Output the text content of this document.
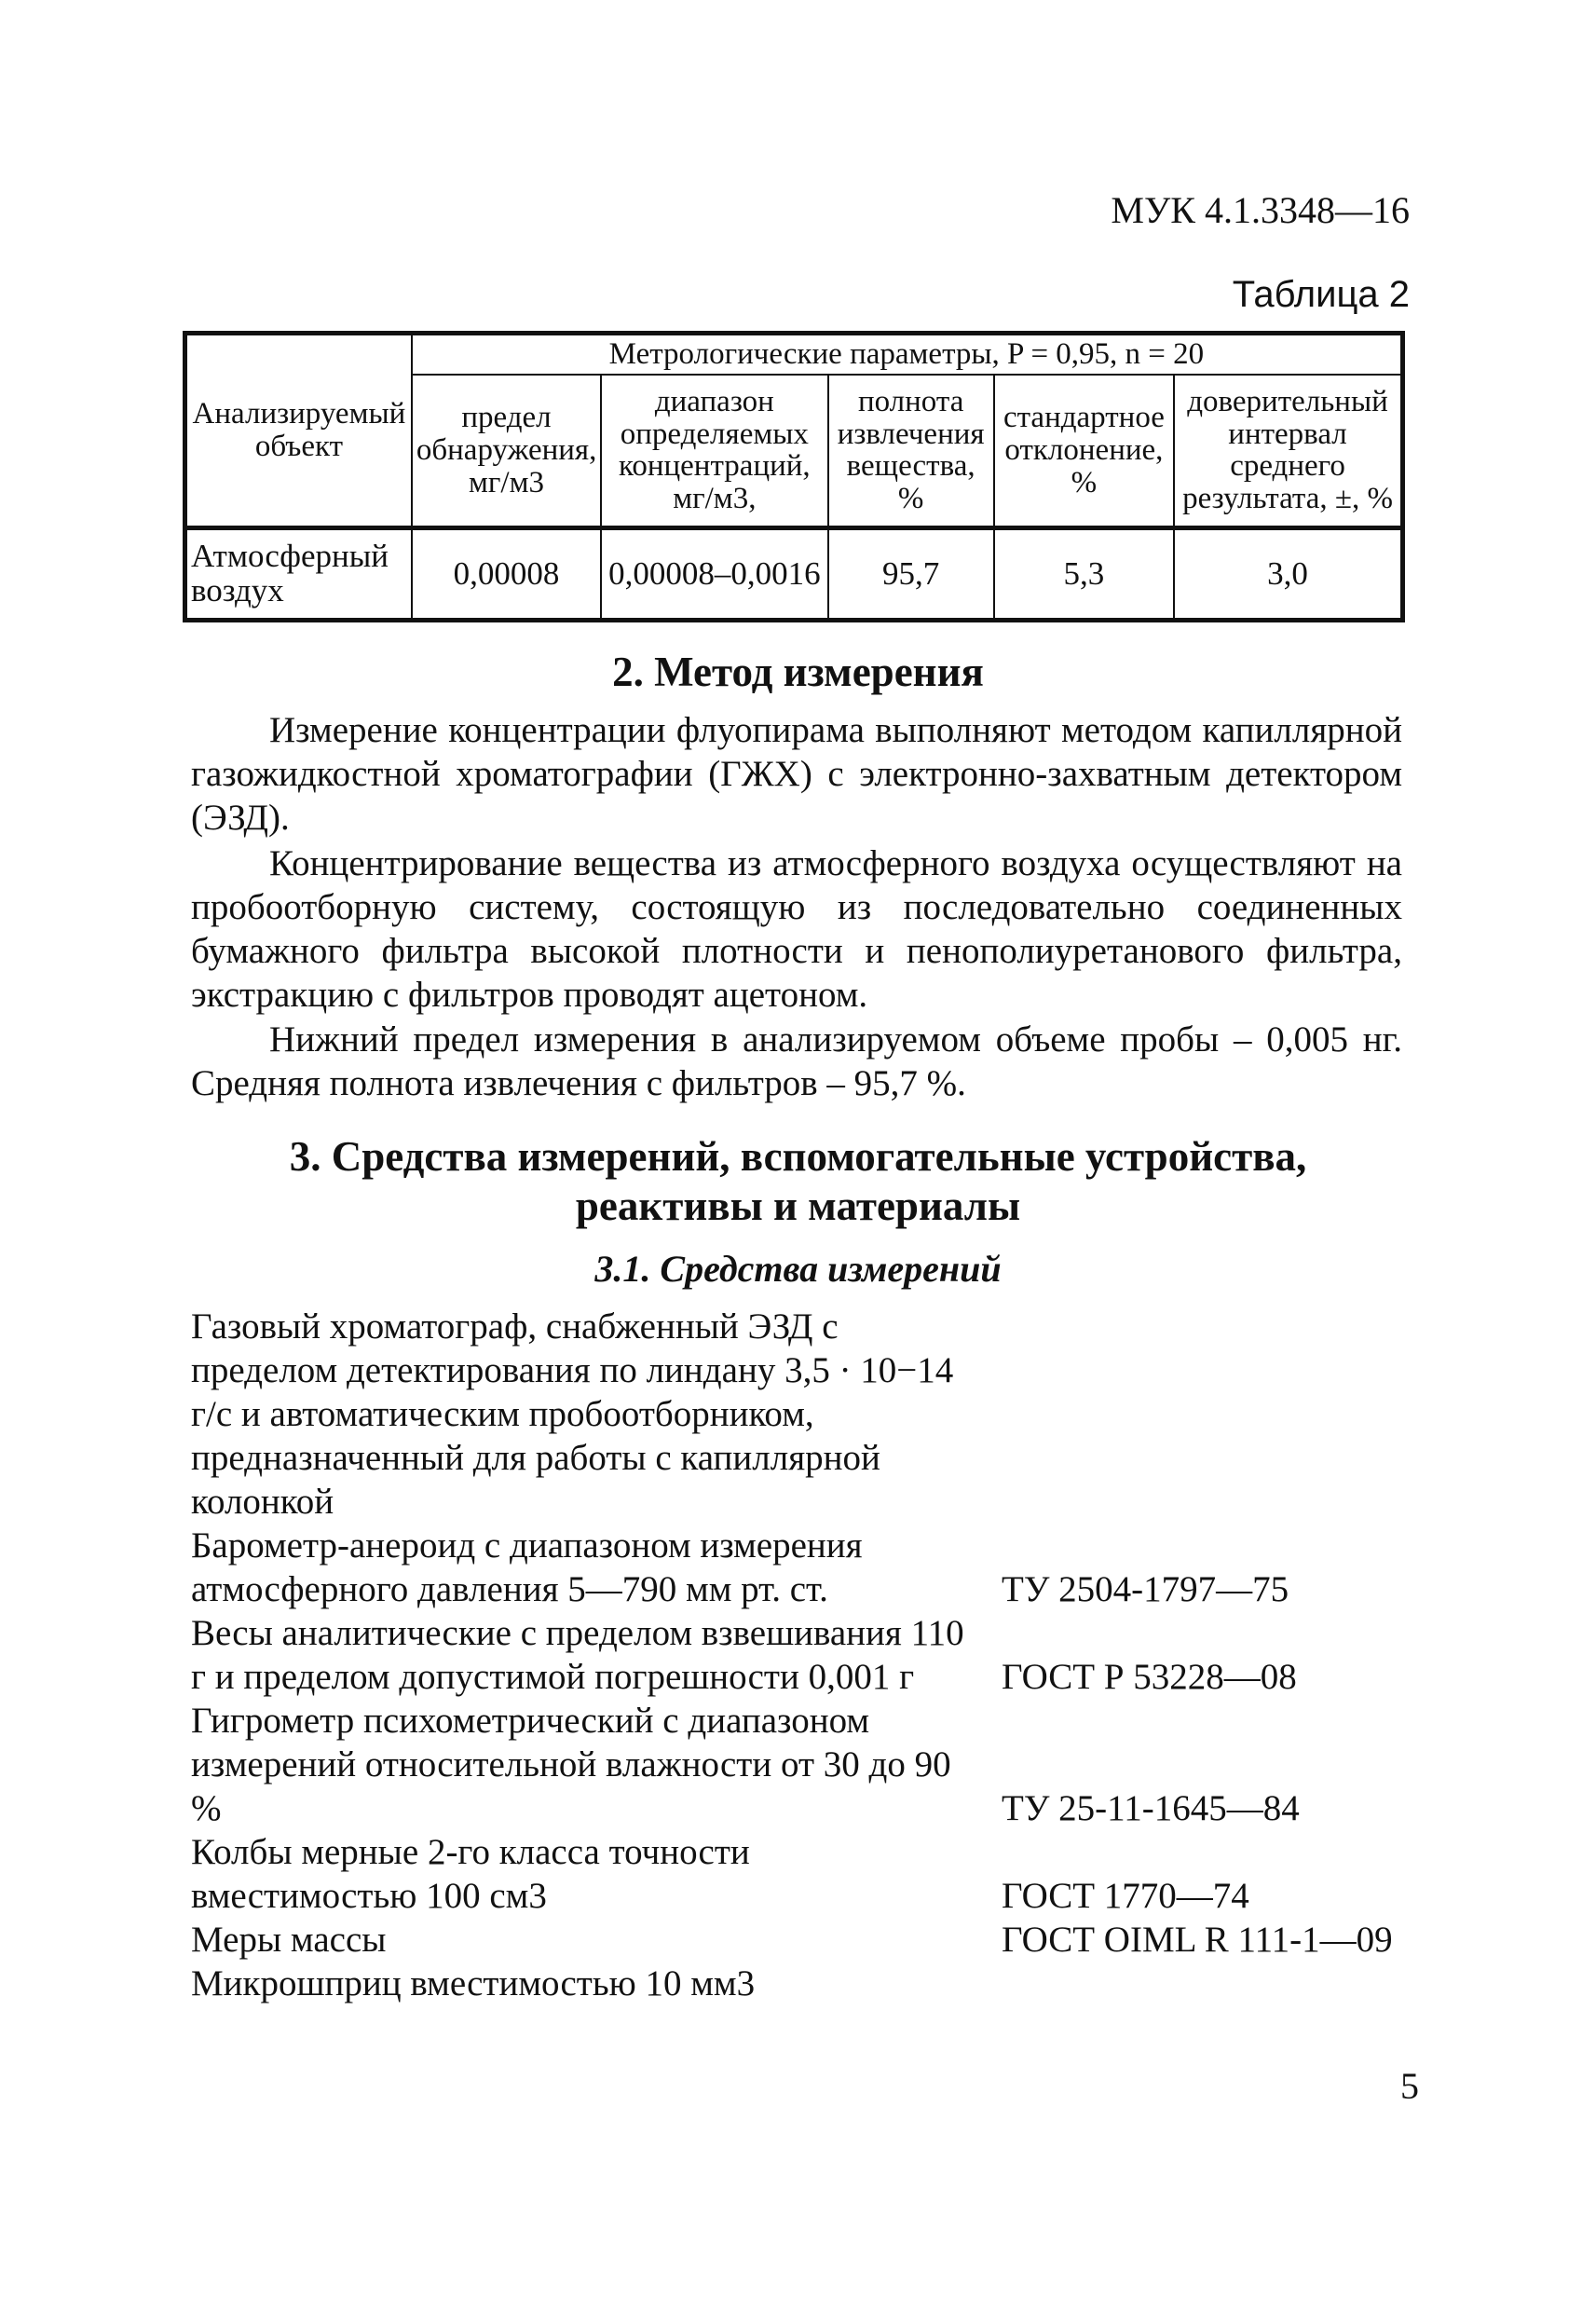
МУК 4.1.3348—16
Таблица 2
Анализируемый объект	Метрологические параметры, P = 0,95, n = 20				
	предел обнаружения, мг/м3	диапазон определяемых концентраций, мг/м3,	полнота извлечения вещества, %	стандартное отклонение, %	доверительный интервал среднего результата, ±, %
Атмосферный воздух	0,00008	0,00008–0,0016	95,7	5,3	3,0
2. Метод измерения

Измерение концентрации флуопирама выполняют методом капиллярной газожидкостной хроматографии (ГЖХ) с электронно-захватным детектором (ЭЗД).

Концентрирование вещества из атмосферного воздуха осуществляют на пробоотборную систему, состоящую из последовательно соединенных бумажного фильтра высокой плотности и пенополиуретанового фильтра, экстракцию с фильтров проводят ацетоном.

Нижний предел измерения в анализируемом объеме пробы – 0,005 нг. Средняя полнота извлечения с фильтров – 95,7 %.

3. Средства измерений, вспомогательные устройства,
реактивы и материалы
3.1. Средства измерений
Газовый хроматограф, снабженный ЭЗД с пределом детектирования по линдану 3,5 · 10−14 г/с и автоматическим пробоотборником, предназначенный для работы с капиллярной колонкой
Барометр-анероид с диапазоном измерения атмосферного давления 5—790 мм рт. ст.	ТУ 2504-1797—75
Весы аналитические с пределом взвешивания 110 г и пределом допустимой погрешности 0,001 г	ГОСТ Р 53228—08
Гигрометр психометрический с диапазоном измерений относительной влажности от 30 до 90 %	ТУ 25-11-1645—84
Колбы мерные 2-го класса точности вместимостью 100 см3	ГОСТ 1770—74
Меры массы	ГОСТ OIML R 111-1—09
Микрошприц вместимостью 10 мм3
5
